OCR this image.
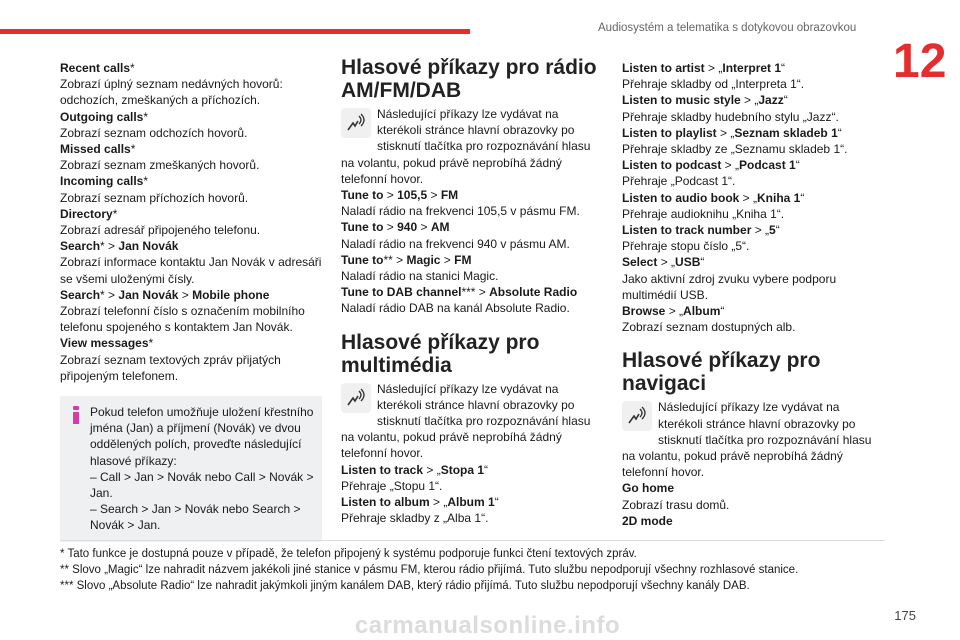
Audiosystém a telematika s dotykovou obrazovkou
12

Recent calls*

Zobrazí úplný seznam nedávných hovorů: odchozích, zmeškaných a příchozích.

Outgoing calls*

Zobrazí seznam odchozích hovorů.

Missed calls*

Zobrazí seznam zmeškaných hovorů.

Incoming calls*

Zobrazí seznam příchozích hovorů.

Directory*

Zobrazí adresář připojeného telefonu.

Search* > Jan Novák

Zobrazí informace kontaktu Jan Novák v adresáři se všemi uloženými čísly.

Search* > Jan Novák > Mobile phone

Zobrazí telefonní číslo s označením mobilního telefonu spojeného s kontaktem Jan Novák.

View messages*

Zobrazí seznam textových zpráv přijatých připojeným telefonem.

Pokud telefon umožňuje uložení křestního jména (Jan) a příjmení (Novák) ve dvou oddělených polích, proveďte následující hlasové příkazy:

– Call > Jan > Novák nebo Call > Novák > Jan.

– Search > Jan > Novák nebo Search > Novák > Jan.

Hlasové příkazy pro rádio AM/FM/DAB

Následující příkazy lze vydávat na kterékoli stránce hlavní obrazovky po stisknutí tlačítka pro rozpoznávání hlasu na volantu, pokud právě neprobíhá žádný telefonní hovor.

Tune to > 105,5 > FM

Naladí rádio na frekvenci 105,5 v pásmu FM.

Tune to > 940 > AM

Naladí rádio na frekvenci 940 v pásmu AM.

Tune to** > Magic > FM

Naladí rádio na stanici Magic.

Tune to DAB channel*** > Absolute Radio

Naladí rádio DAB na kanál Absolute Radio.

Hlasové příkazy pro multimédia

Následující příkazy lze vydávat na kterékoli stránce hlavní obrazovky po stisknutí tlačítka pro rozpoznávání hlasu na volantu, pokud právě neprobíhá žádný telefonní hovor.

Listen to track > „Stopa 1“

Přehraje „Stopu 1“.

Listen to album > „Album 1“

Přehraje skladby z „Alba 1“.

Listen to artist > „Interpret 1“

Přehraje skladby od „Interpreta 1“.

Listen to music style > „Jazz“

Přehraje skladby hudebního stylu „Jazz“.

Listen to playlist > „Seznam skladeb 1“

Přehraje skladby ze „Seznamu skladeb 1“.

Listen to podcast > „Podcast 1“

Přehraje „Podcast 1“.

Listen to audio book > „Kniha 1“

Přehraje audioknihu „Kniha 1“.

Listen to track number > „5“

Přehraje stopu číslo „5“.

Select > „USB“

Jako aktivní zdroj zvuku vybere podporu multimédií USB.

Browse > „Album“

Zobrazí seznam dostupných alb.

Hlasové příkazy pro navigaci

Následující příkazy lze vydávat na kterékoli stránce hlavní obrazovky po stisknutí tlačítka pro rozpoznávání hlasu na volantu, pokud právě neprobíhá žádný telefonní hovor.

Go home

Zobrazí trasu domů.

2D mode

* Tato funkce je dostupná pouze v případě, že telefon připojený k systému podporuje funkci čtení textových zpráv.

** Slovo „Magic“ lze nahradit názvem jakékoli jiné stanice v pásmu FM, kterou rádio přijímá. Tuto službu nepodporují všechny rozhlasové stanice.

*** Slovo „Absolute Radio“ lze nahradit jakýmkoli jiným kanálem DAB, který rádio přijímá. Tuto službu nepodporují všechny kanály DAB.

carmanualsonline.info	175
